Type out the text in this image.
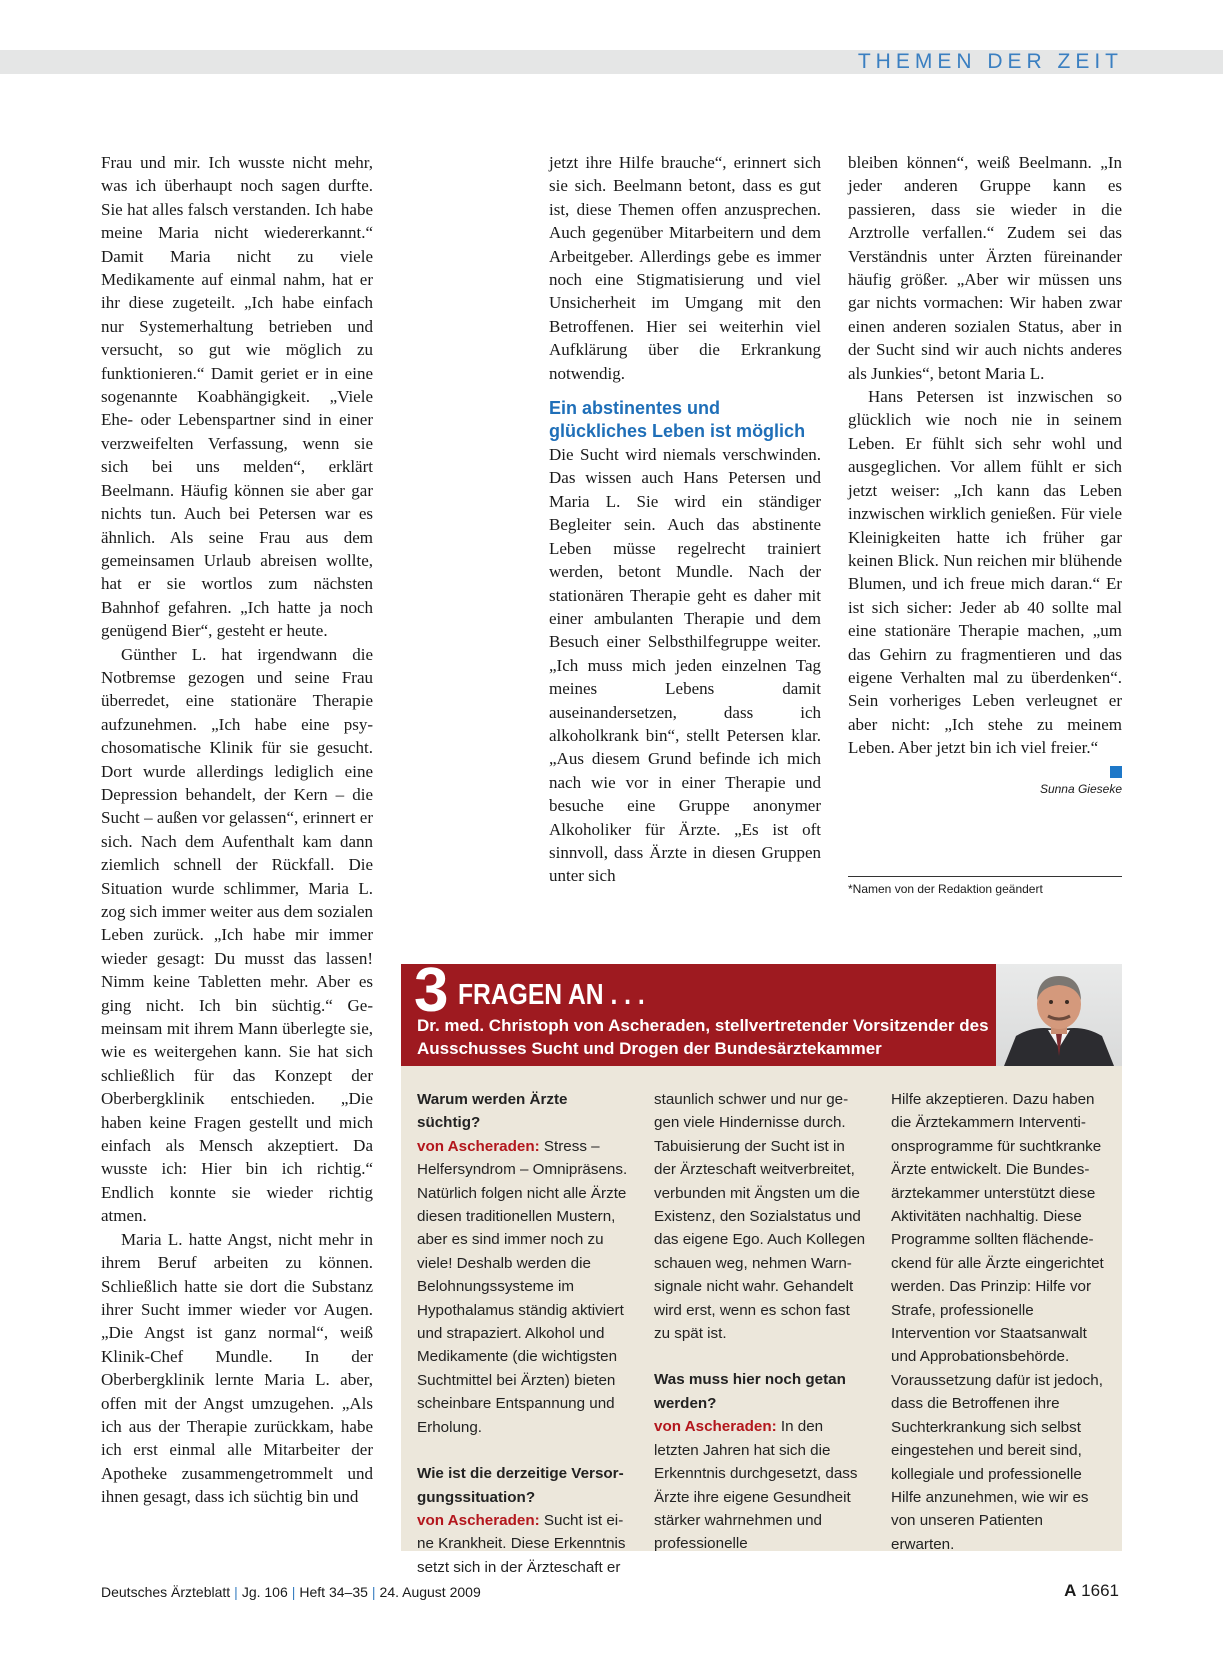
THEMEN DER ZEIT

Frau und mir. Ich wusste nicht mehr, was ich überhaupt noch sagen durfte. Sie hat alles falsch verstanden. Ich habe meine Maria nicht wiedererkannt.“ Damit Maria nicht zu viele Medikamente auf einmal nahm, hat er ihr diese zugeteilt. „Ich habe einfach nur Systemerhaltung betrieben und versucht, so gut wie möglich zu funktionieren.“ Damit geriet er in eine sogenannte Koabhängigkeit. „Viele Ehe- oder Lebenspartner sind in einer verzweifelten Verfassung, wenn sie sich bei uns melden“, erklärt Beelmann. Häufig können sie aber gar nichts tun. Auch bei Petersen war es ähnlich. Als seine Frau aus dem gemeinsamen Urlaub abreisen wollte, hat er sie wortlos zum nächsten Bahnhof gefahren. „Ich hatte ja noch genügend Bier“, gesteht er heute.

Günther L. hat irgendwann die Notbremse gezogen und seine Frau überredet, eine stationäre Therapie aufzunehmen. „Ich habe eine psychosomatische Klinik für sie gesucht. Dort wurde allerdings lediglich eine Depression behandelt, der Kern – die Sucht – außen vor gelassen“, erinnert er sich. Nach dem Aufenthalt kam dann ziemlich schnell der Rückfall. Die Situation wurde schlimmer, Maria L. zog sich immer weiter aus dem sozialen Leben zurück. „Ich habe mir immer wieder gesagt: Du musst das lassen! Nimm keine Tabletten mehr. Aber es ging nicht. Ich bin süchtig.“ Gemeinsam mit ihrem Mann überlegte sie, wie es weitergehen kann. Sie hat sich schließlich für das Konzept der Oberbergklinik entschieden. „Die haben keine Fragen gestellt und mich einfach als Mensch akzeptiert. Da wusste ich: Hier bin ich richtig.“ Endlich konnte sie wieder richtig atmen.

Maria L. hatte Angst, nicht mehr in ihrem Beruf arbeiten zu können. Schließlich hatte sie dort die Substanz ihrer Sucht immer wieder vor Augen. „Die Angst ist ganz normal“, weiß Klinik-Chef Mundle. In der Oberbergklinik lernte Maria L. aber, offen mit der Angst umzugehen. „Als ich aus der Therapie zurückkam, habe ich erst einmal alle Mitarbeiter der Apotheke zusammengetrommelt und ihnen gesagt, dass ich süchtig bin und

jetzt ihre Hilfe brauche“, erinnert sich sie sich. Beelmann betont, dass es gut ist, diese Themen offen anzusprechen. Auch gegenüber Mitarbeitern und dem Arbeitgeber. Allerdings gebe es immer noch eine Stigmatisierung und viel Unsicherheit im Umgang mit den Betroffenen. Hier sei weiterhin viel Aufklärung über die Erkrankung notwendig.

Ein abstinentes und glückliches Leben ist möglich

Die Sucht wird niemals verschwinden. Das wissen auch Hans Petersen und Maria L. Sie wird ein ständiger Begleiter sein. Auch das abstinente Leben müsse regelrecht trainiert werden, betont Mundle. Nach der stationären Therapie geht es daher mit einer ambulanten Therapie und dem Besuch einer Selbsthilfegruppe weiter. „Ich muss mich jeden einzelnen Tag meines Lebens damit auseinandersetzen, dass ich alkoholkrank bin“, stellt Petersen klar. „Aus diesem Grund befinde ich mich nach wie vor in einer Therapie und besuche eine Gruppe anonymer Alkoholiker für Ärzte. „Es ist oft sinnvoll, dass Ärzte in diesen Gruppen unter sich

bleiben können“, weiß Beelmann. „In jeder anderen Gruppe kann es passieren, dass sie wieder in die Arztrolle verfallen.“ Zudem sei das Verständnis unter Ärzten füreinander häufig größer. „Aber wir müssen uns gar nichts vormachen: Wir haben zwar einen anderen sozialen Status, aber in der Sucht sind wir auch nichts anderes als Junkies“, betont Maria L.

Hans Petersen ist inzwischen so glücklich wie noch nie in seinem Leben. Er fühlt sich sehr wohl und ausgeglichen. Vor allem fühlt er sich jetzt weiser: „Ich kann das Leben inzwischen wirklich genießen. Für viele Kleinigkeiten hatte ich früher gar keinen Blick. Nun reichen mir blühende Blumen, und ich freue mich daran.“ Er ist sich sicher: Jeder ab 40 sollte mal eine stationäre Therapie machen, „um das Gehirn zu fragmentieren und das eigene Verhalten mal zu überdenken“. Sein vorheriges Leben verleugnet er aber nicht: „Ich stehe zu meinem Leben. Aber jetzt bin ich viel freier.“

Sunna Gieseke
*Namen von der Redaktion geändert
3 FRAGEN AN . . .
Dr. med. Christoph von Ascheraden, stellvertretender Vorsitzender des Ausschusses Sucht und Drogen der Bundesärztekammer

Warum werden Ärzte süchtig?

von Ascheraden: Stress – Helfersyndrom – Omnipräsens. Natürlich folgen nicht alle Ärzte diesen traditionellen Mustern, aber es sind immer noch zu viele! Deshalb werden die Belohnungssysteme im Hypothalamus ständig aktiviert und strapaziert. Alkohol und Medikamente (die wichtigsten Suchtmittel bei Ärzten) bieten scheinbare Entspannung und Erholung.

Wie ist die derzeitige Versorgungssituation?

von Ascheraden: Sucht ist eine Krankheit. Diese Erkenntnis setzt sich in der Ärzteschaft er

staunlich schwer und nur gegen viele Hindernisse durch. Tabuisierung der Sucht ist in der Ärzteschaft weitverbreitet, verbunden mit Ängsten um die Existenz, den Sozialstatus und das eigene Ego. Auch Kollegen schauen weg, nehmen Warnsignale nicht wahr. Gehandelt wird erst, wenn es schon fast zu spät ist.

Was muss hier noch getan werden?

von Ascheraden: In den letzten Jahren hat sich die Erkenntnis durchgesetzt, dass Ärzte ihre eigene Gesundheit stärker wahrnehmen und professionelle

Hilfe akzeptieren. Dazu haben die Ärztekammern Interventionsprogramme für suchtkranke Ärzte entwickelt. Die Bundesärztekammer unterstützt diese Aktivitäten nachhaltig. Diese Programme sollten flächendeckend für alle Ärzte eingerichtet werden. Das Prinzip: Hilfe vor Strafe, professionelle Intervention vor Staatsanwalt und Approbationsbehörde. Voraussetzung dafür ist jedoch, dass die Betroffenen ihre Suchterkrankung sich selbst eingestehen und bereit sind, kollegiale und professionelle Hilfe anzunehmen, wie wir es von unseren Patienten erwarten.

Deutsches Ärzteblatt | Jg. 106 | Heft 34–35 | 24. August 2009	A 1661
